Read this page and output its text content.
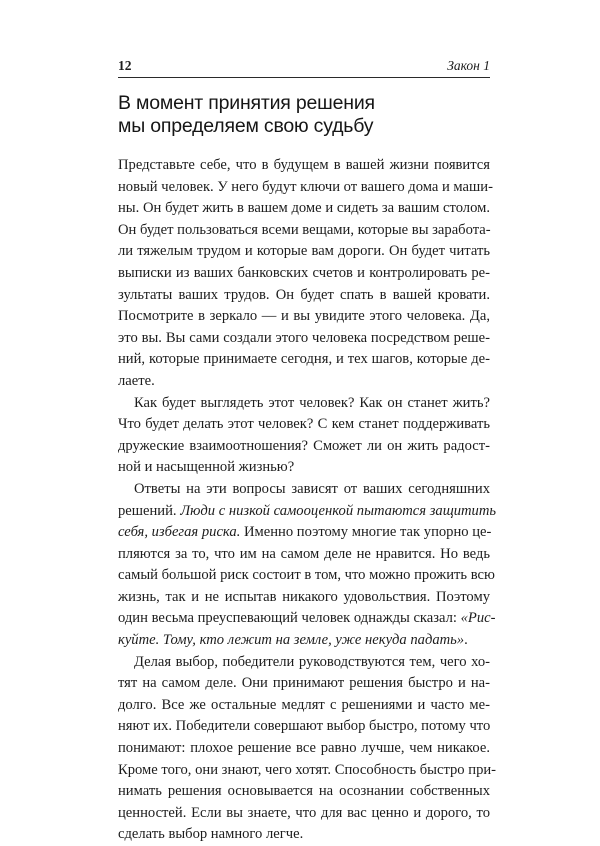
12	Закон 1
В момент принятия решения
мы определяем свою судьбу

Представьте себе, что в будущем в вашей жизни появится
новый человек. У него будут ключи от вашего дома и маши-
ны. Он будет жить в вашем доме и сидеть за вашим столом.
Он будет пользоваться всеми вещами, которые вы заработа-
ли тяжелым трудом и которые вам дороги. Он будет читать
выписки из ваших банковских счетов и контролировать ре-
зультаты ваших трудов. Он будет спать в вашей кровати.
Посмотрите в зеркало — и вы увидите этого человека. Да,
это вы. Вы сами создали этого человека посредством реше-
ний, которые принимаете сегодня, и тех шагов, которые де-
лаете.

Как будет выглядеть этот человек? Как он станет жить?
Что будет делать этот человек? С кем станет поддерживать
дружеские взаимоотношения? Сможет ли он жить радост-
ной и насыщенной жизнью?

Ответы на эти вопросы зависят от ваших сегодняшних
решений. Люди с низкой самооценкой пытаются защитить
себя, избегая риска. Именно поэтому многие так упорно це-
пляются за то, что им на самом деле не нравится. Но ведь
самый большой риск состоит в том, что можно прожить всю
жизнь, так и не испытав никакого удовольствия. Поэтому
один весьма преуспевающий человек однажды сказал: «Рис-
куйте. Тому, кто лежит на земле, уже некуда падать».

Делая выбор, победители руководствуются тем, чего хо-
тят на самом деле. Они принимают решения быстро и на-
долго. Все же остальные медлят с решениями и часто ме-
няют их. Победители совершают выбор быстро, потому что
понимают: плохое решение все равно лучше, чем никакое.
Кроме того, они знают, чего хотят. Способность быстро при-
нимать решения основывается на осознании собственных
ценностей. Если вы знаете, что для вас ценно и дорого, то
сделать выбор намного легче.
